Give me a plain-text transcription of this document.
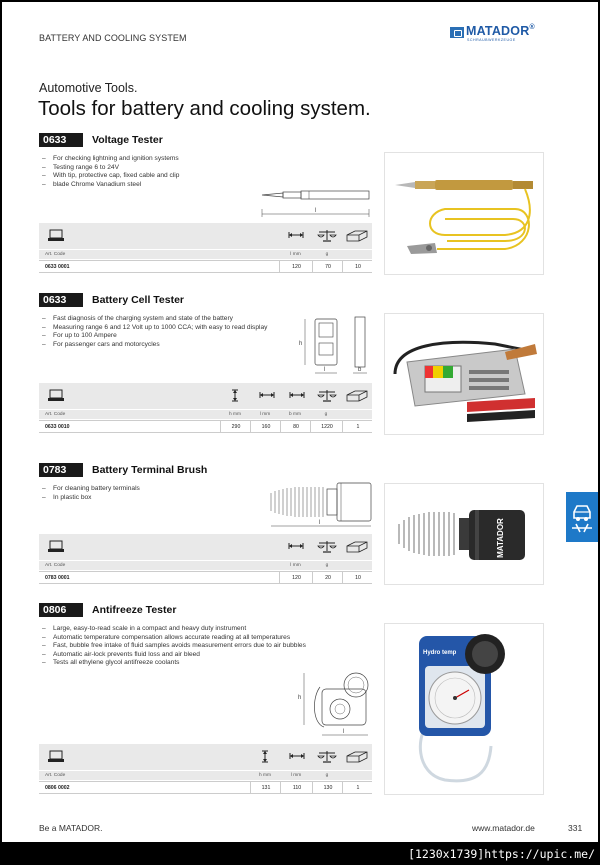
BATTERY AND COOLING SYSTEM	MATADOR®
SCHRAUBWERKZEUGE
Automotive Tools.
Tools for battery and cooling system.
0633	Voltage Tester
– For checking lightning and ignition systems
– Testing range 6 to 24V
– With tip, protective cap, fixed cable and clip
– blade Chrome Vanadium steel
l
Art. Code	l mm	g
0633 0001	120	70	10
0633	Battery Cell Tester
– Fast diagnosis of the charging system and state of the battery
– Measuring range 6 and 12 Volt up to 1000 CCA; with easy to read display
– For up to 100 Ampere
– For passenger cars and motorcycles	h
l	b
Art. Code	h mm	l mm	b mm	g
0633 0010	290	160	80	1220	1
0783	Battery Terminal Brush
– For cleaning battery terminals
– In plastic box
l
Art. Code	l mm	g
0783 0001	120	20	10
MATADOR
0806	Antifreeze Tester
– Large, easy-to-read scale in a compact and heavy duty instrument
– Automatic temperature compensation allows accurate reading at all temperatures
– Fast, bubble free intake of fluid samples avoids measurement errors due to air bubbles
– Automatic air-lock prevents fluid loss and air bleed
– Tests all ethylene glycol antifreeze coolants
h
l
Art. Code	h mm	l mm	g
0806 0002	131	110	130	1
Hydro temp
Be a MATADOR.	www.matador.de	331
[1230x1739]https://upic.me/
